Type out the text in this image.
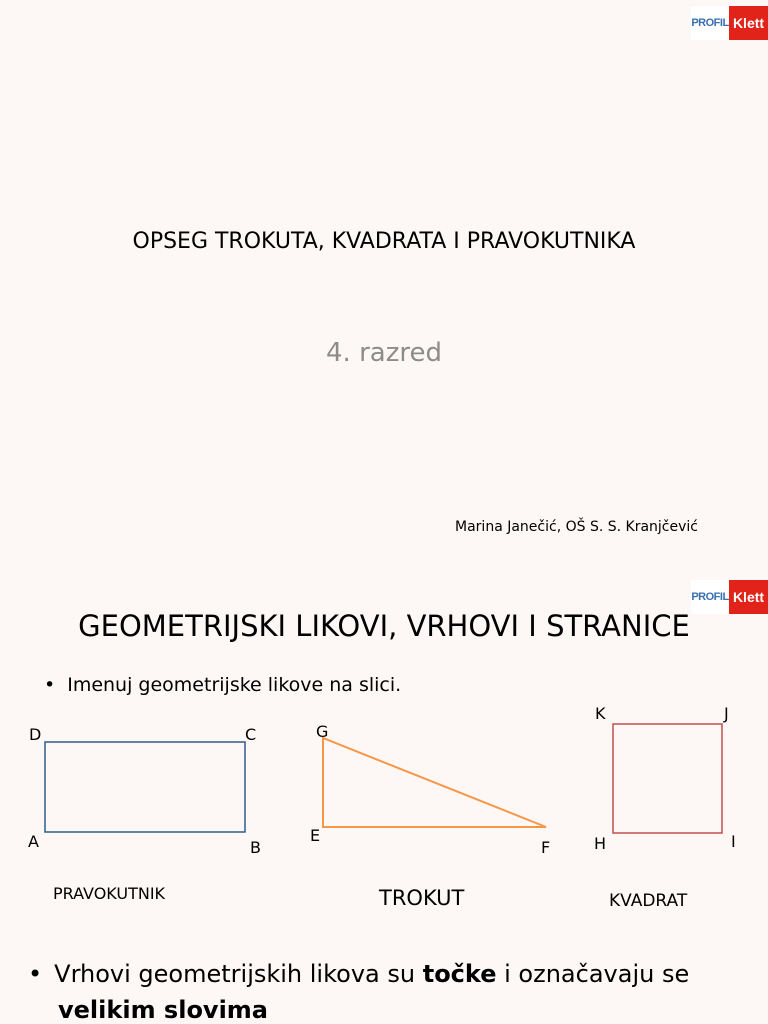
PROFIL Klett
OPSEG TROKUTA, KVADRATA I PRAVOKUTNIKA
4. razred
Marina Janečić, OŠ S. S. Kranjčević
PROFIL Klett
GEOMETRIJSKI LIKOVI, VRHOVI I STRANICE
• Imenuj geometrijske likove na slici.
A	B
C
D
E
F
G
H	I
J
K
PRAVOKUTNIK	TROKUT	KVADRAT
• Vrhovi geometrijskih likova su točke i označavaju se
velikim slovima
